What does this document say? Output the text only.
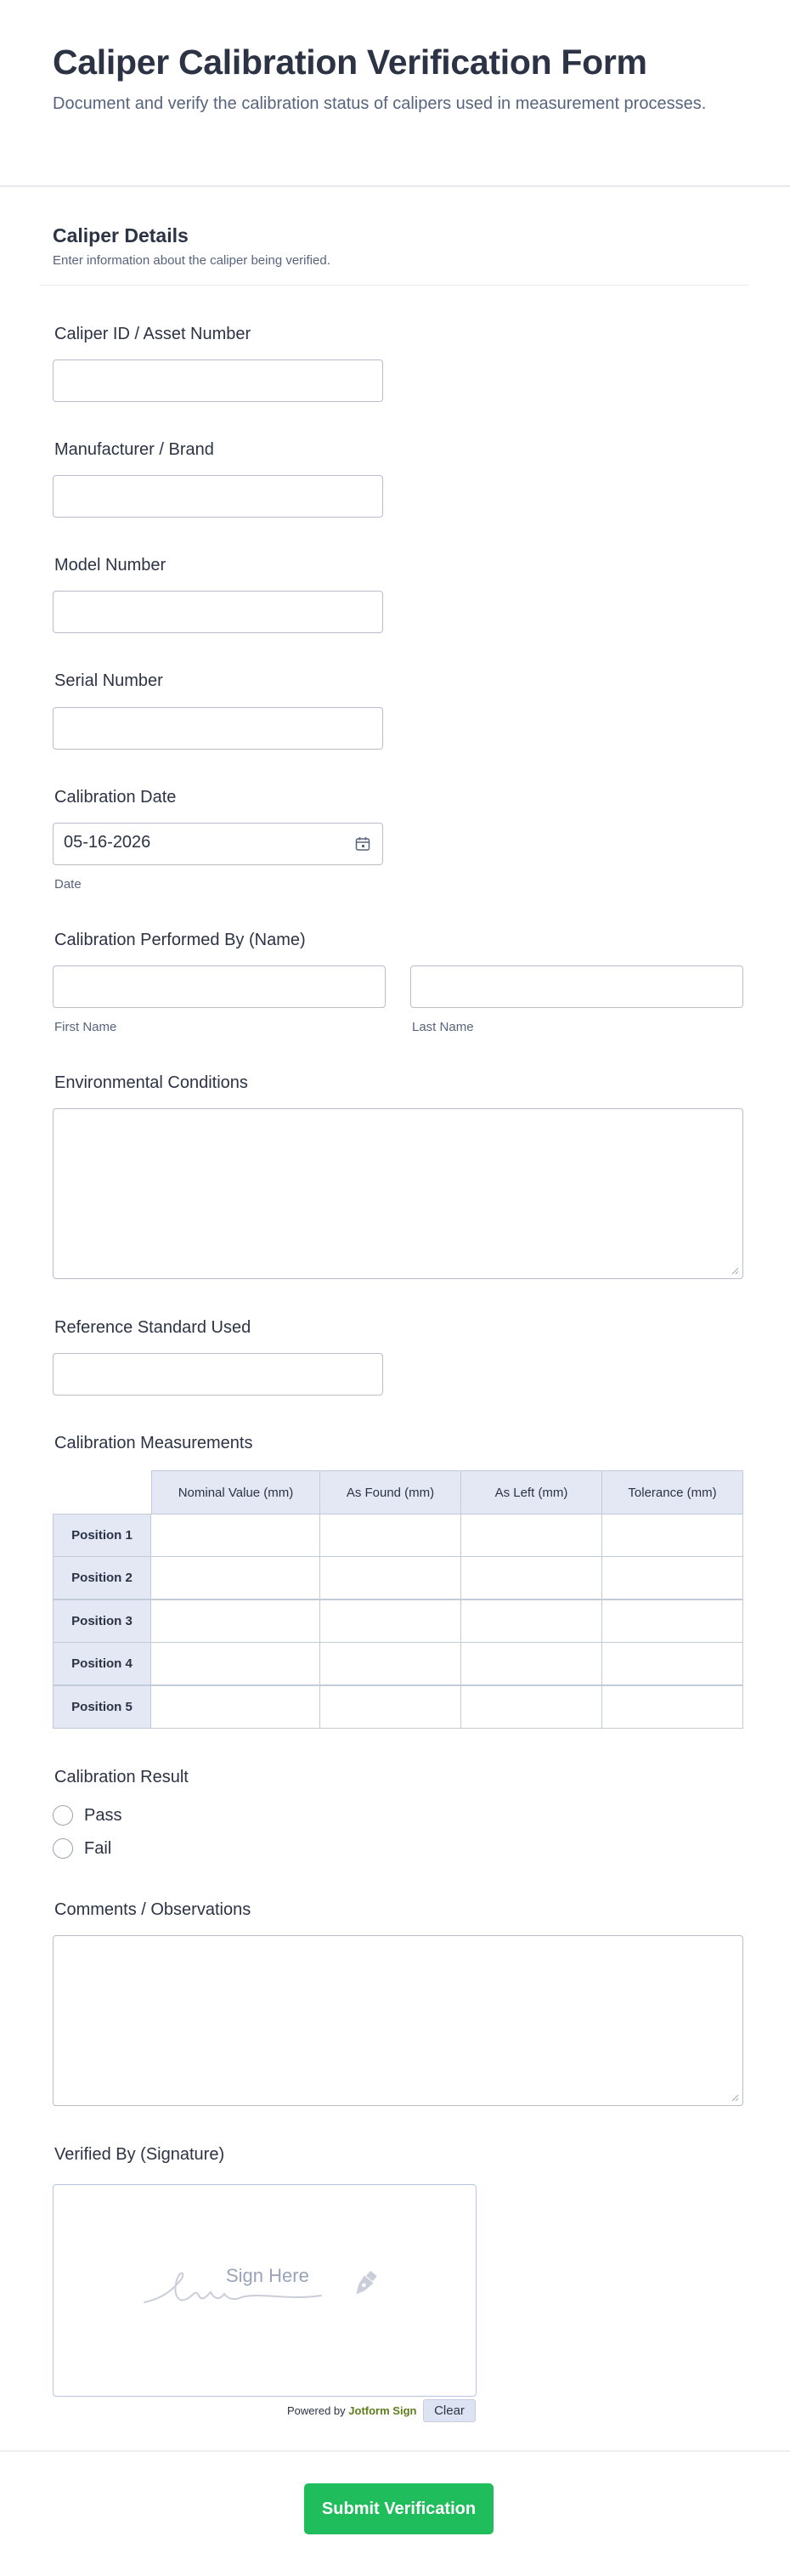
Caliper Calibration Verification Form

Document and verify the calibration status of calipers used in measurement processes.

Caliper Details
Enter information about the caliper being verified.
Caliper ID / Asset Number
Manufacturer / Brand
Model Number
Serial Number
Calibration Date
05-16-2026
Date
Calibration Performed By (Name)
First Name	Last Name
Environmental Conditions
Reference Standard Used
Calibration Measurements
Nominal Value (mm)	As Found (mm)	As Left (mm)	Tolerance (mm)
Position 1
Position 2
Position 3
Position 4
Position 5
Calibration Result
Pass
Fail
Comments / Observations
Verified By (Signature)
Sign Here
Powered by Jotform Sign	Clear
Submit Verification
